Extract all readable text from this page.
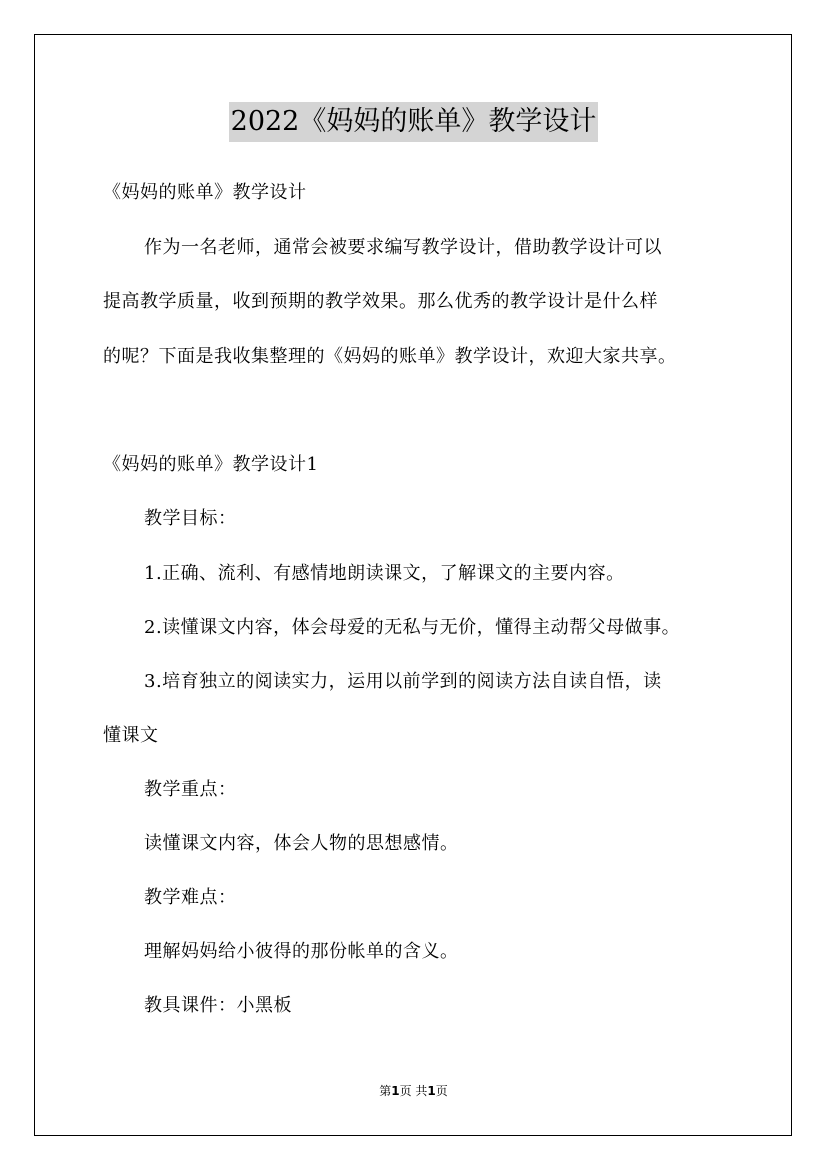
2022《妈妈的账单》教学设计
《妈妈的账单》教学设计
作为一名老师，通常会被要求编写教学设计，借助教学设计可以
提高教学质量，收到预期的教学效果。那么优秀的教学设计是什么样
的呢？下面是我收集整理的《妈妈的账单》教学设计，欢迎大家共享。
《妈妈的账单》教学设计1
教学目标：
1.正确、流利、有感情地朗读课文，了解课文的主要内容。
2.读懂课文内容，体会母爱的无私与无价，懂得主动帮父母做事。
3.培育独立的阅读实力，运用以前学到的阅读方法自读自悟，读
懂课文
教学重点：
读懂课文内容，体会人物的思想感情。
教学难点：
理解妈妈给小彼得的那份帐单的含义。
教具课件：小黑板
第1页 共1页
